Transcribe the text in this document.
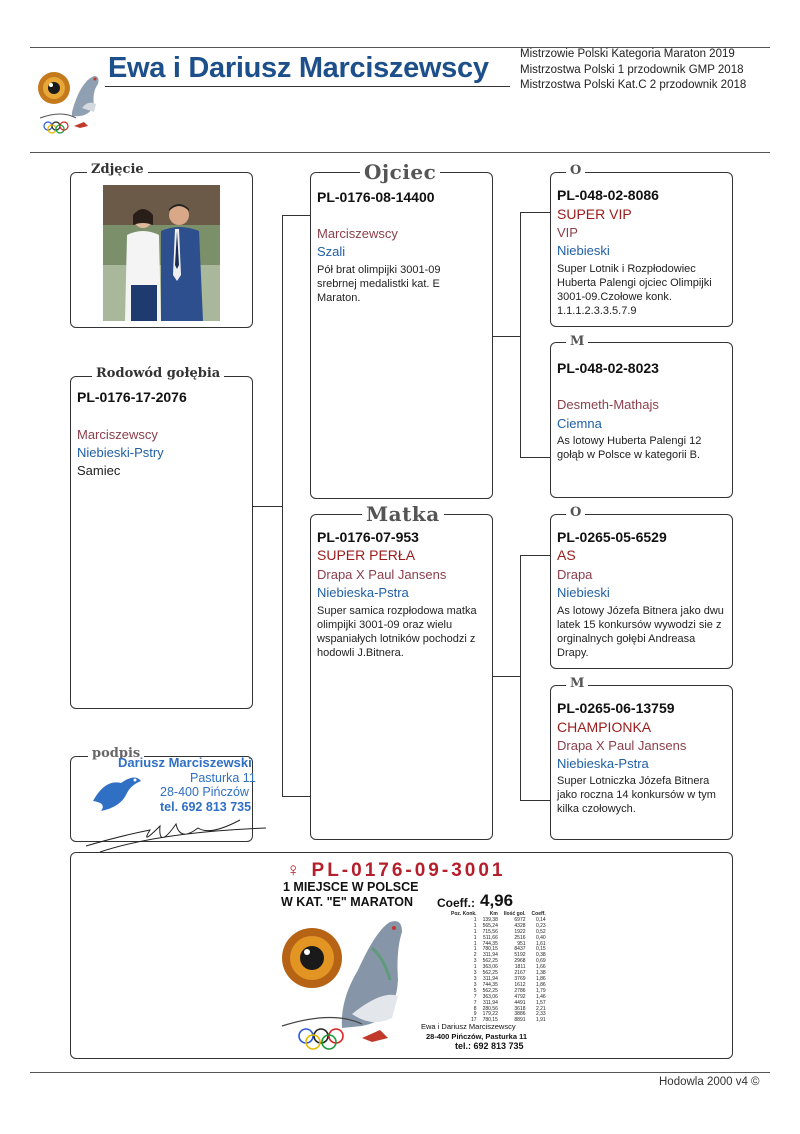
Ewa i Dariusz Marciszewscy	Mistrzowie Polski Kategoria Maraton 2019
Mistrzostwa Polski 1 przodownik GMP 2018
Mistrzostwa Polski Kat.C 2 przodownik 2018
Zdjęcie
PL-0176-17-2076
Marciszewscy
Niebieski-Pstry
Samiec
Rodowód gołębia
podpis
Dariusz Marciszewski
Pasturka 11
28-400 Pińczów
tel. 692 813 735
PL-0176-08-14400
Marciszewscy
Szali
Pół brat olimpijki 3001-09 srebrnej medalistki kat. E Maraton.
Ojciec
PL-0176-07-953
SUPER PERŁA
Drapa X Paul Jansens
Niebieska-Pstra
Super samica rozpłodowa matka olimpijki 3001-09 oraz wielu wspaniałych lotników pochodzi z hodowli J.Bitnera.
Matka
PL-048-02-8086
SUPER VIP
VIP
Niebieski
Super Lotnik i Rozpłodowiec Huberta Palengi ojciec Olimpijki 3001-09.Czołowe konk. 1.1.1.2.3.3.5.7.9
O
PL-048-02-8023
Desmeth-Mathajs
Ciemna
As lotowy Huberta Palengi 12 gołąb w Polsce w kategorii B.
M
PL-0265-05-6529
AS
Drapa
Niebieski
As lotowy Józefa Bitnera jako dwu latek 15 konkursów wywodzi sie z orginalnych gołębi Andreasa Drapy.
O
PL-0265-06-13759
CHAMPIONKA
Drapa X Paul Jansens
Niebieska-Pstra
Super Lotniczka Józefa Bitnera jako roczna 14 konkursów w tym kilka czołowych.
M
♀ PL-0176-09-3001
1 MIEJSCE W POLSCE
W KAT. "E" MARATON Coeff.: 4,96
Poz. Konk.	Km	Ilość gol.	Coeff.
1	139,38	6972	0,14
1	565,24	4328	0,23
1	715,56	1922	0,52
1	511,66	2516	0,40
1	744,35	951	1,61
1	780,15	8437	0,15
2	311,94	5192	0,38
3	562,25	2968	0,69
1	363,06	1811	1,66
3	562,25	2167	1,38
3	311,94	3769	1,86
3	744,35	1612	1,86
5	562,25	2786	1,79
7	363,06	4792	1,46
7	311,94	4491	1,57
8	280,56	3618	2,21
9	179,22	3886	2,33
17	780,15	8891	1,91
Ewa i Dariusz Marciszewscy
28-400 Pińczów, Pasturka 11
tel.: 692 813 735
Hodowla 2000 v4 ©
